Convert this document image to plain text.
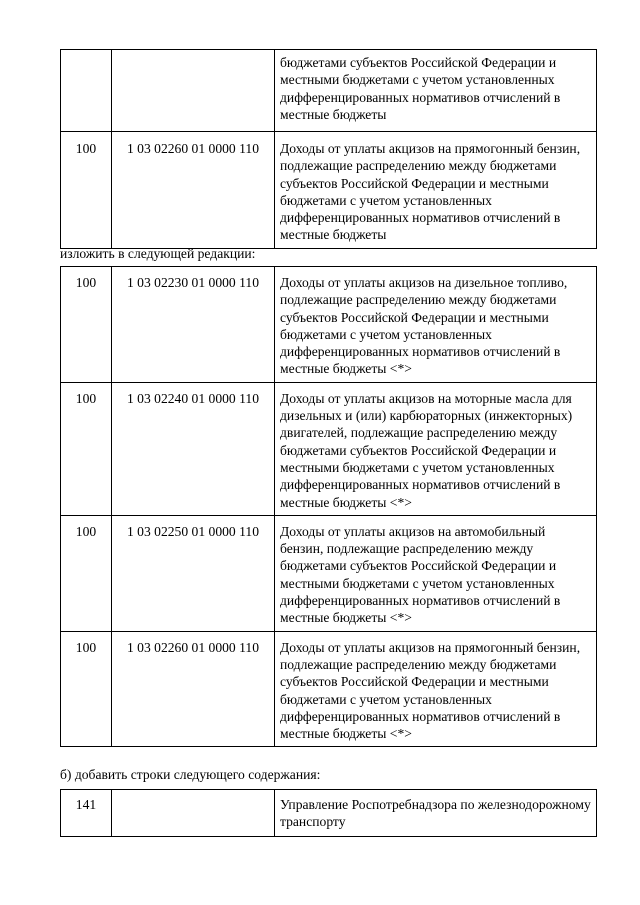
		бюджетами субъектов Российской Федерации и местными бюджетами с учетом установленных дифференцированных нормативов отчислений в местные бюджеты
100	1 03 02260 01 0000 110	Доходы от уплаты акцизов на прямогонный бензин, подлежащие распределению между бюджетами субъектов Российской Федерации и местными бюджетами с учетом установленных дифференцированных нормативов отчислений в местные бюджеты
изложить в следующей редакции:
100	1 03 02230 01 0000 110	Доходы от уплаты акцизов на дизельное топливо, подлежащие распределению между бюджетами субъектов Российской Федерации и местными бюджетами с учетом установленных дифференцированных нормативов отчислений в местные бюджеты <*>
100	1 03 02240 01 0000 110	Доходы от уплаты акцизов на моторные масла для дизельных и (или) карбюраторных (инжекторных) двигателей, подлежащие распределению между бюджетами субъектов Российской Федерации и местными бюджетами с учетом установленных дифференцированных нормативов отчислений в местные бюджеты <*>
100	1 03 02250 01 0000 110	Доходы от уплаты акцизов на автомобильный бензин, подлежащие распределению между бюджетами субъектов Российской Федерации и местными бюджетами с учетом установленных дифференцированных нормативов отчислений в местные бюджеты <*>
100	1 03 02260 01 0000 110	Доходы от уплаты акцизов на прямогонный бензин, подлежащие распределению между бюджетами субъектов Российской Федерации и местными бюджетами с учетом установленных дифференцированных нормативов отчислений в местные бюджеты <*>
б) добавить строки следующего содержания:
141		Управление Роспотребнадзора по железнодорожному транспорту
